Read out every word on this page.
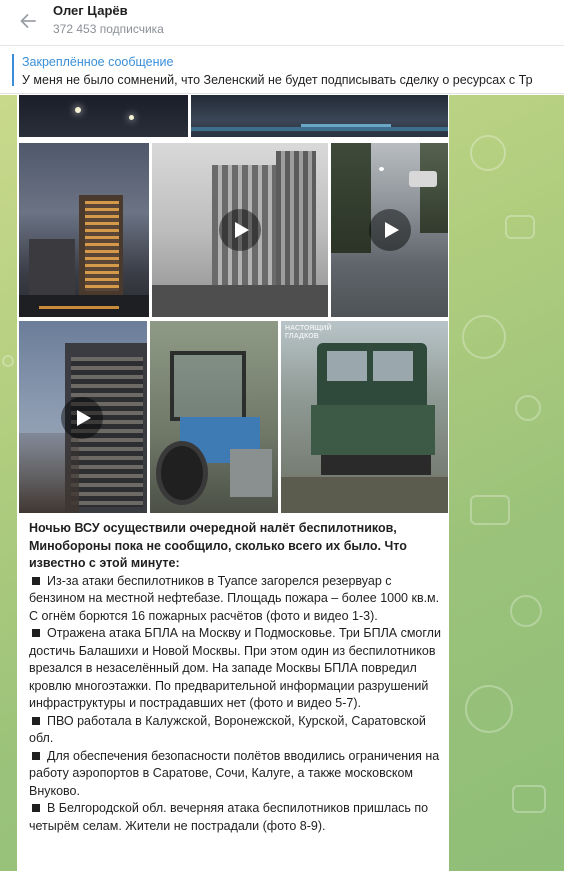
Олег Царёв
372 453 подписчика
Закреплённое сообщение
У меня не было сомнений, что Зеленский не будет подписывать сделку о ресурсах с Тр
НАСТОЯЩИЙ ГЛАДКОВ
Ночью ВСУ осуществили очередной налёт беспилотников, Минобороны пока не сообщило, сколько всего их было. Что известно с этой минуте:
Из-за атаки беспилотников в Туапсе загорелся резервуар с бензином на местной нефтебазе. Площадь пожара – более 1000 кв.м. С огнём борются 16 пожарных расчётов (фото и видео 1-3).
Отражена атака БПЛА на Москву и Подмосковье. Три БПЛА смогли достичь Балашихи и Новой Москвы. При этом один из беспилотников врезался в незаселённый дом. На западе Москвы БПЛА повредил кровлю многоэтажки. По предварительной информации разрушений инфраструктуры и пострадавших нет (фото и видео 5-7).
ПВО работала в Калужской, Воронежской, Курской, Саратовской обл.
Для обеспечения безопасности полётов вводились ограничения на работу аэропортов в Саратове, Сочи, Калуге, а также московском Внуково.
В Белгородской обл. вечерняя атака беспилотников пришлась по четырём селам. Жители не пострадали (фото 8-9).
